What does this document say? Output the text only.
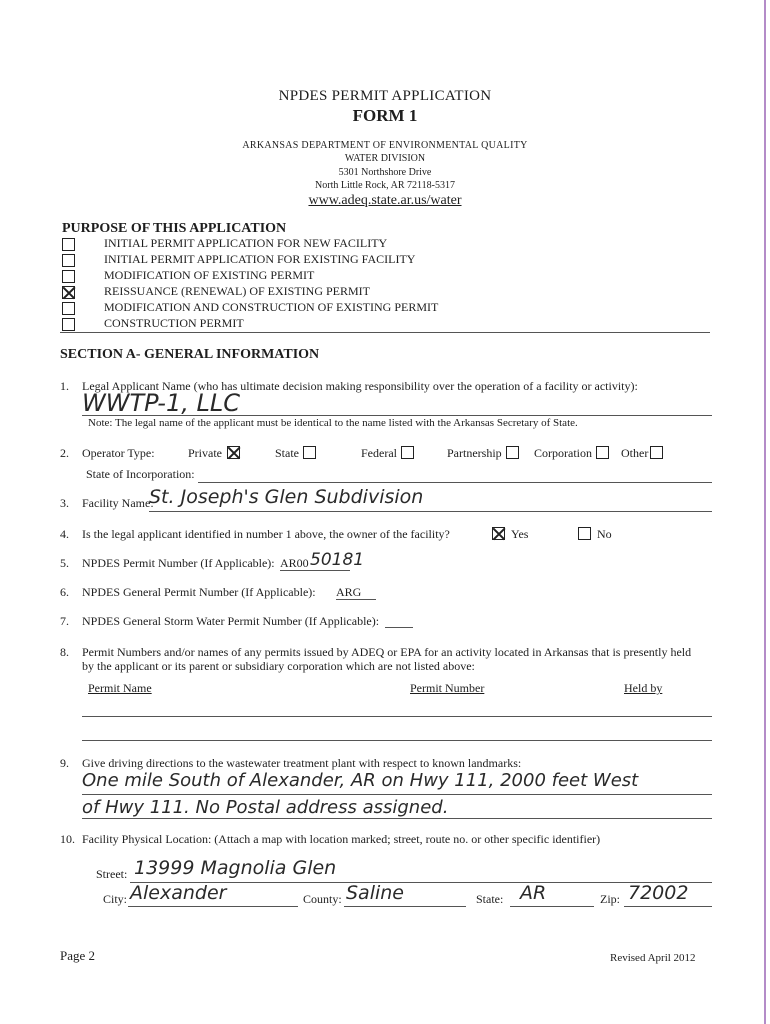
NPDES PERMIT APPLICATION
FORM 1
ARKANSAS DEPARTMENT OF ENVIRONMENTAL QUALITY
WATER DIVISION
5301 Northshore Drive
North Little Rock, AR 72118-5317
www.adeq.state.ar.us/water
PURPOSE OF THIS APPLICATION
INITIAL PERMIT APPLICATION FOR NEW FACILITY
INITIAL PERMIT APPLICATION FOR EXISTING FACILITY
MODIFICATION OF EXISTING PERMIT
REISSUANCE (RENEWAL) OF EXISTING PERMIT
MODIFICATION AND CONSTRUCTION OF EXISTING PERMIT
CONSTRUCTION PERMIT
SECTION A- GENERAL INFORMATION
1. Legal Applicant Name (who has ultimate decision making responsibility over the operation of a facility or activity):
WWTP-1, LLC
Note: The legal name of the applicant must be identical to the name listed with the Arkansas Secretary of State.
2. Operator Type:	Private	State	Federal	Partnership	Corporation Other
State of Incorporation:
3. Facility Name:
St. Joseph's Glen Subdivision
4. Is the legal applicant identified in number 1 above, the owner of the facility?	Yes	No
5. NPDES Permit Number (If Applicable): AR00 50181
6. NPDES General Permit Number (If Applicable): ARG
7. NPDES General Storm Water Permit Number (If Applicable):
8. Permit Numbers and/or names of any permits issued by ADEQ or EPA for an activity located in Arkansas that is presently held
by the applicant or its parent or subsidiary corporation which are not listed above:
Permit Name	Permit Number	Held by
9. Give driving directions to the wastewater treatment plant with respect to known landmarks:
One mile South of Alexander, AR on Hwy 111, 2000 feet West
of Hwy 111. No Postal address assigned.
10. Facility Physical Location: (Attach a map with location marked; street, route no. or other specific identifier)
Street: 13999 Magnolia Glen
City: Alexander	County: Saline	State: AR	Zip: 72002
Page 2	Revised April 2012
